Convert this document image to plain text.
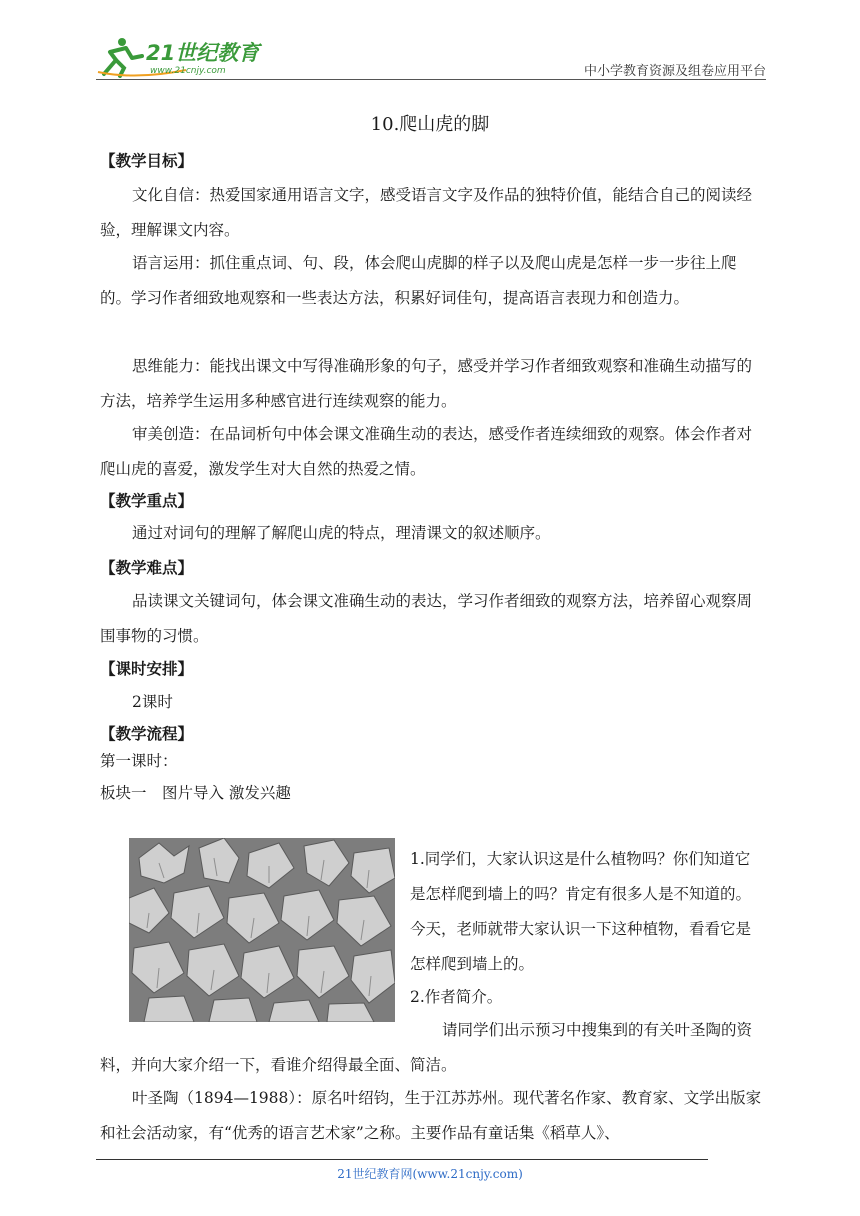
21世纪教育
www.21cnjy.com	中小学教育资源及组卷应用平台
10.爬山虎的脚

【教学目标】

文化自信：热爱国家通用语言文字，感受语言文字及作品的独特价值，能结合自己的阅读经验，理解课文内容。

语言运用：抓住重点词、句、段，体会爬山虎脚的样子以及爬山虎是怎样一步一步往上爬的。学习作者细致地观察和一些表达方法，积累好词佳句，提高语言表现力和创造力。

思维能力：能找出课文中写得准确形象的句子，感受并学习作者细致观察和准确生动描写的方法，培养学生运用多种感官进行连续观察的能力。

审美创造：在品词析句中体会课文准确生动的表达，感受作者连续细致的观察。体会作者对爬山虎的喜爱，激发学生对大自然的热爱之情。

【教学重点】

通过对词句的理解了解爬山虎的特点，理清课文的叙述顺序。

【教学难点】

品读课文关键词句，体会课文准确生动的表达，学习作者细致的观察方法，培养留心观察周围事物的习惯。

【课时安排】

2课时

【教学流程】

第一课时：

板块一　图片导入 激发兴趣

1.同学们，大家认识这是什么植物吗？你们知道它是怎样爬到墙上的吗？肯定有很多人是不知道的。今天，老师就带大家认识一下这种植物，看看它是怎样爬到墙上的。

2.作者简介。

请同学们出示预习中搜集到的有关叶圣陶的资料，并向大家介绍一下，看谁介绍得最全面、简洁。

叶圣陶（1894—1988）：原名叶绍钧，生于江苏苏州。现代著名作家、教育家、文学出版家和社会活动家，有“优秀的语言艺术家”之称。主要作品有童话集《稻草人》、

21世纪教育网(www.21cnjy.com)
